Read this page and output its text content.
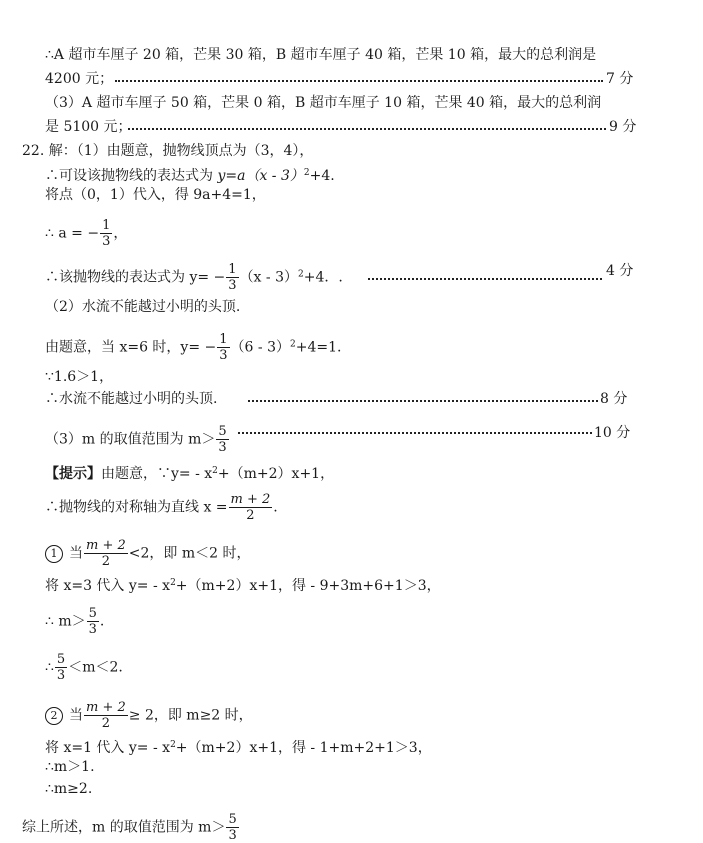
∴A 超市车厘子 20 箱，芒果 30 箱，B 超市车厘子 40 箱，芒果 10 箱，最大的总利润是
4200 元；	7 分
（3）A 超市车厘子 50 箱，芒果 0 箱，B 超市车厘子 10 箱，芒果 40 箱，最大的总利润
是 5100 元；	9 分
22. 解：（1）由题意，抛物线顶点为（3，4），
∴可设该抛物线的表达式为 y=a（x - 3）$^2$+4.
将点（0，1）代入，得 9a+4=1，
∴ a = − $\frac{1}{3}$ ，
∴该抛物线的表达式为 $y= - \frac{1}{3} (x - 3)^2+4$．.	4 分
（2）水流不能越过小明的头顶.
由题意，当 x=6 时，$y= - \frac{1}{3} (6 - 3)^2+4=1$.
∵1.6＞1，
∴水流不能越过小明的头顶.	8 分
（3）m 的取值范围为 $m> \frac{5}{3}$	10 分
【提示】由题意，∵y= - $x^2+(m+2)x+1$，
∴抛物线的对称轴为直线 $x = \frac{m + 2}{2}$ .
1 当 $\frac{m + 2}{2} <2$，即 m＜2 时，
将 x=3 代入 $y= - x^2+(m+2)x+1$，得 - 9+3m+6+1＞3，
∴ $m> \frac{5}{3}$ .
∴ $\frac{5}{3} <m<2$.
2 当 $\frac{m + 2}{2} \ge 2$，即 m≥2 时，
将 x=1 代入 $y= - x^2+(m+2)x+1$，得 - 1+m+2+1＞3，
∴m＞1.
∴m≥2.
综上所述，m 的取值范围为 $m> \frac{5}{3}$
